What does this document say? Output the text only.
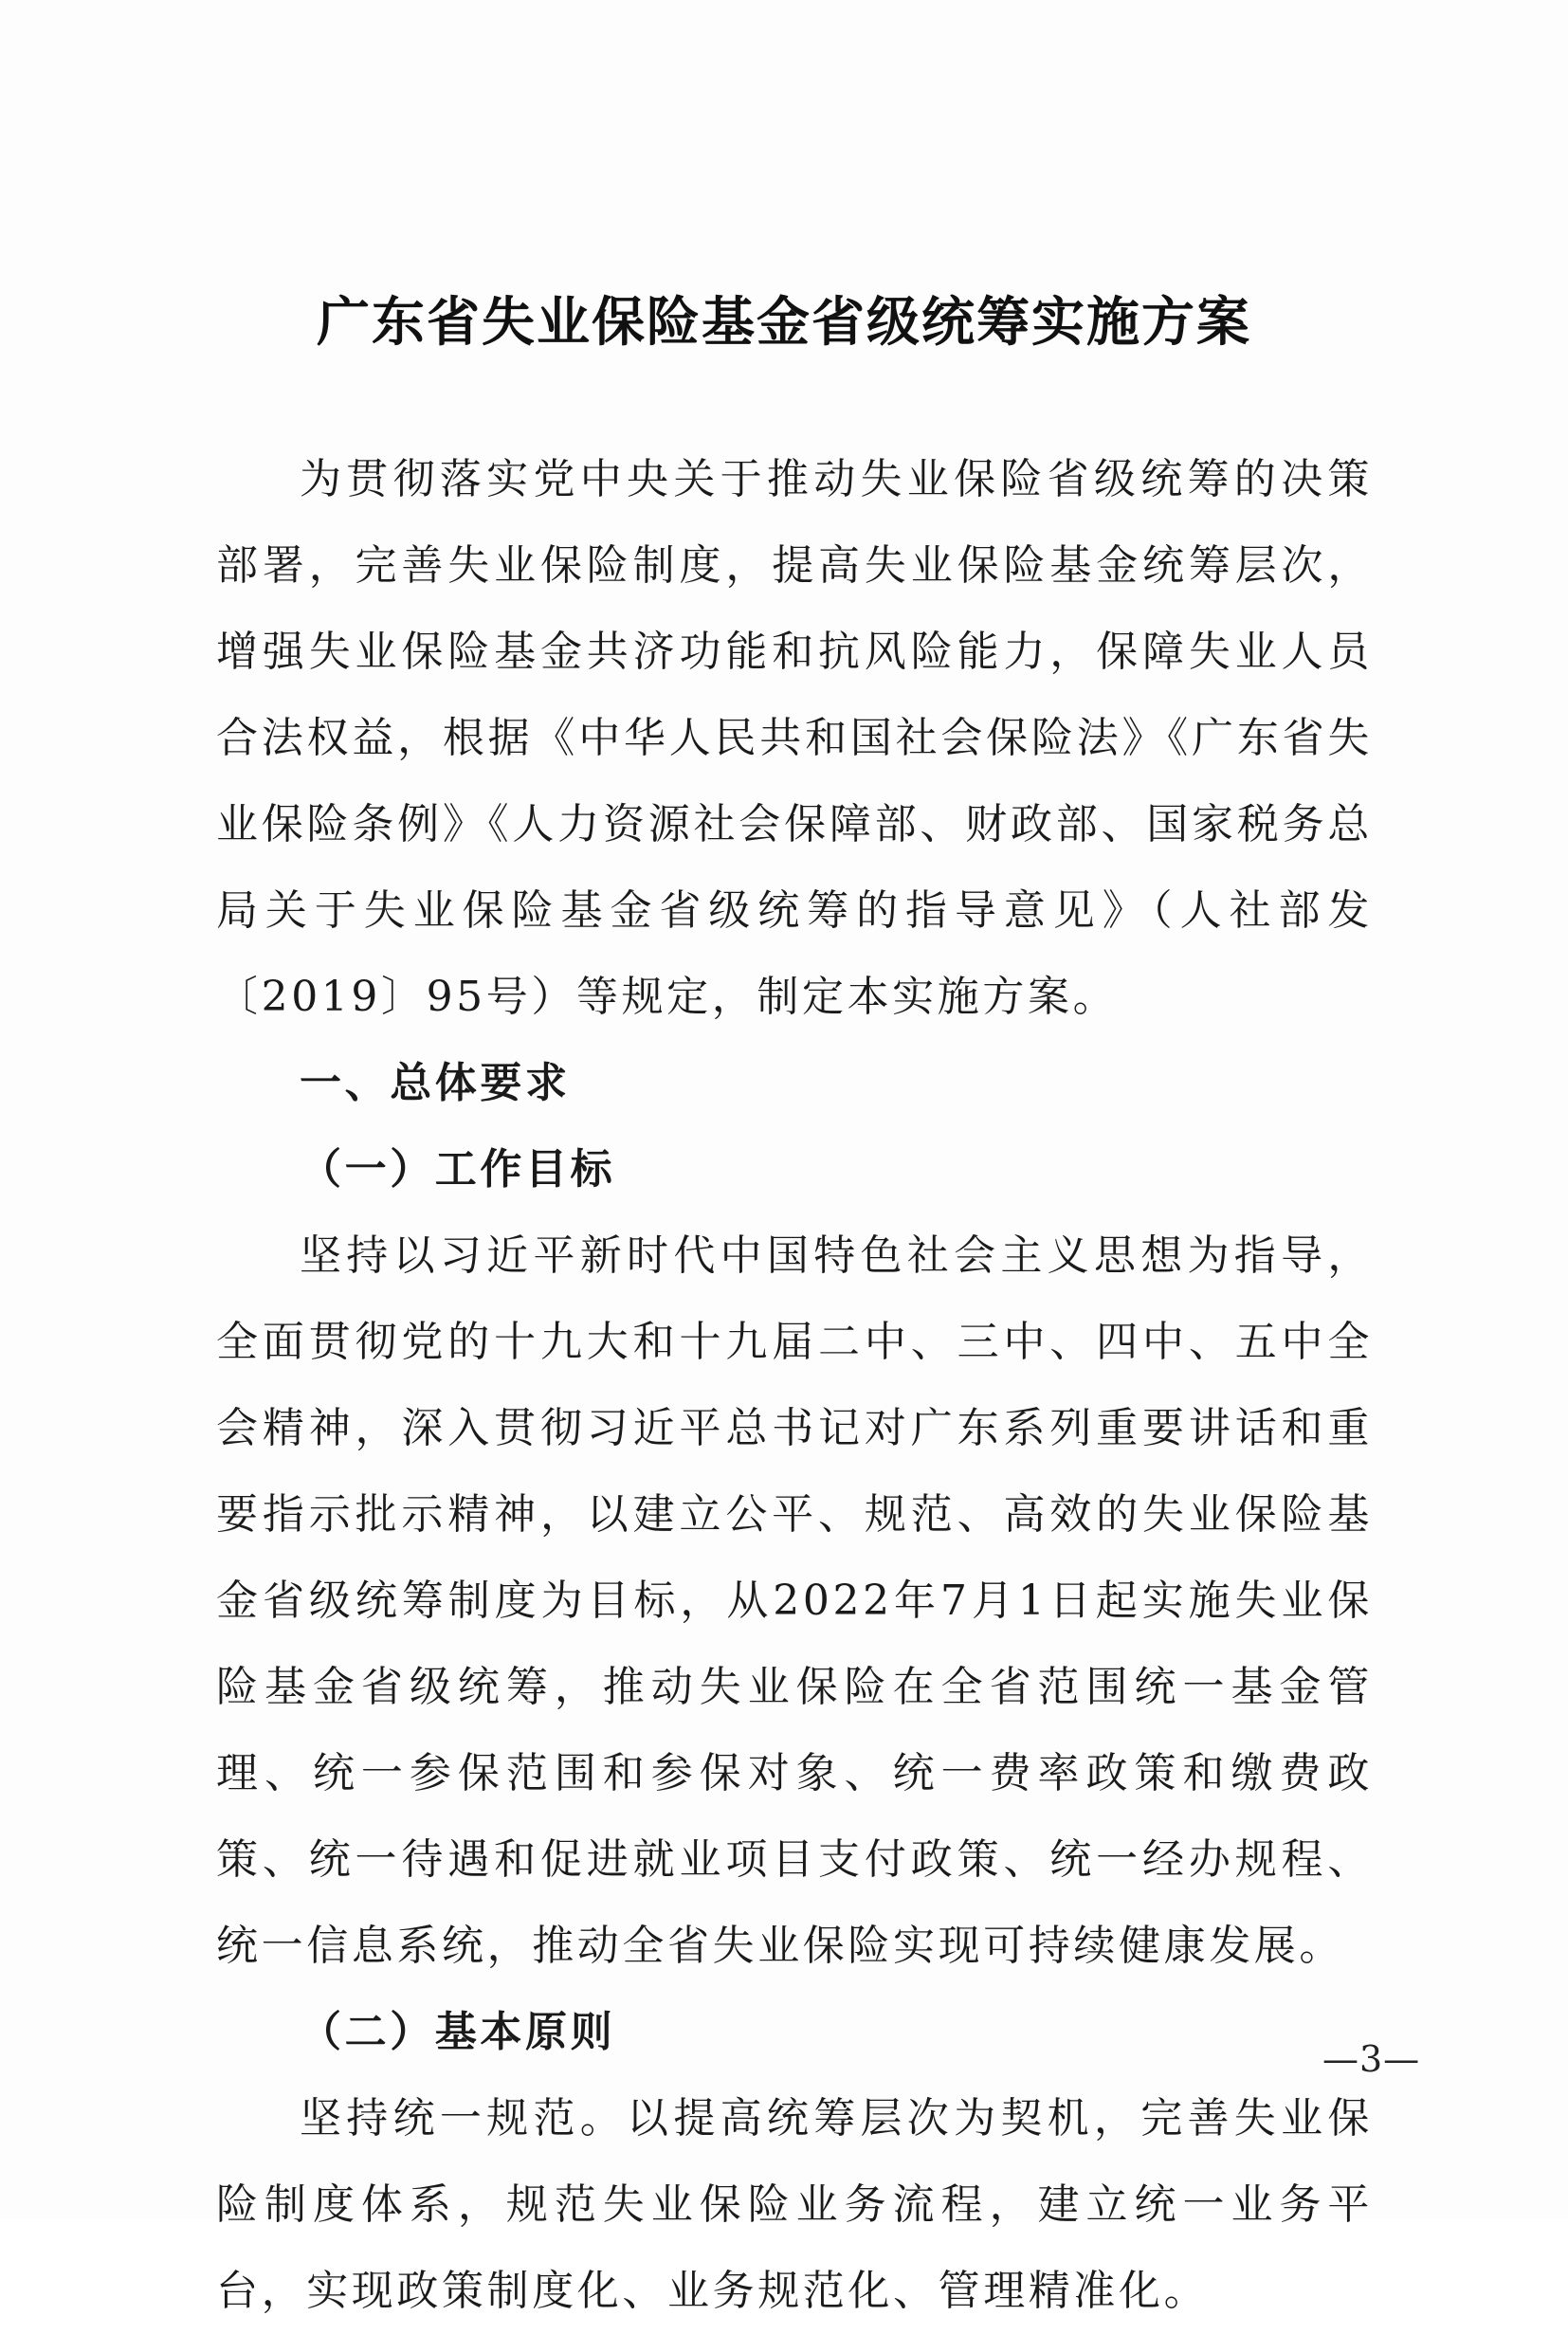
广东省失业保险基金省级统筹实施方案

为贯彻落实党中央关于推动失业保险省级统筹的决策部署，完善失业保险制度，提高失业保险基金统筹层次，增强失业保险基金共济功能和抗风险能力，保障失业人员合法权益，根据《中华人民共和国社会保险法》《广东省失业保险条例》《人力资源社会保障部、财政部、国家税务总局关于失业保险基金省级统筹的指导意见》（人社部发〔2019〕95号）等规定，制定本实施方案。

一、总体要求

（一）工作目标

坚持以习近平新时代中国特色社会主义思想为指导，全面贯彻党的十九大和十九届二中、三中、四中、五中全会精神，深入贯彻习近平总书记对广东系列重要讲话和重要指示批示精神，以建立公平、规范、高效的失业保险基金省级统筹制度为目标，从2022年7月1日起实施失业保险基金省级统筹，推动失业保险在全省范围统一基金管理、统一参保范围和参保对象、统一费率政策和缴费政策、统一待遇和促进就业项目支付政策、统一经办规程、统一信息系统，推动全省失业保险实现可持续健康发展。

（二）基本原则

坚持统一规范。以提高统筹层次为契机，完善失业保险制度体系，规范失业保险业务流程，建立统一业务平台，实现政策制度化、业务规范化、管理精准化。

—3—
